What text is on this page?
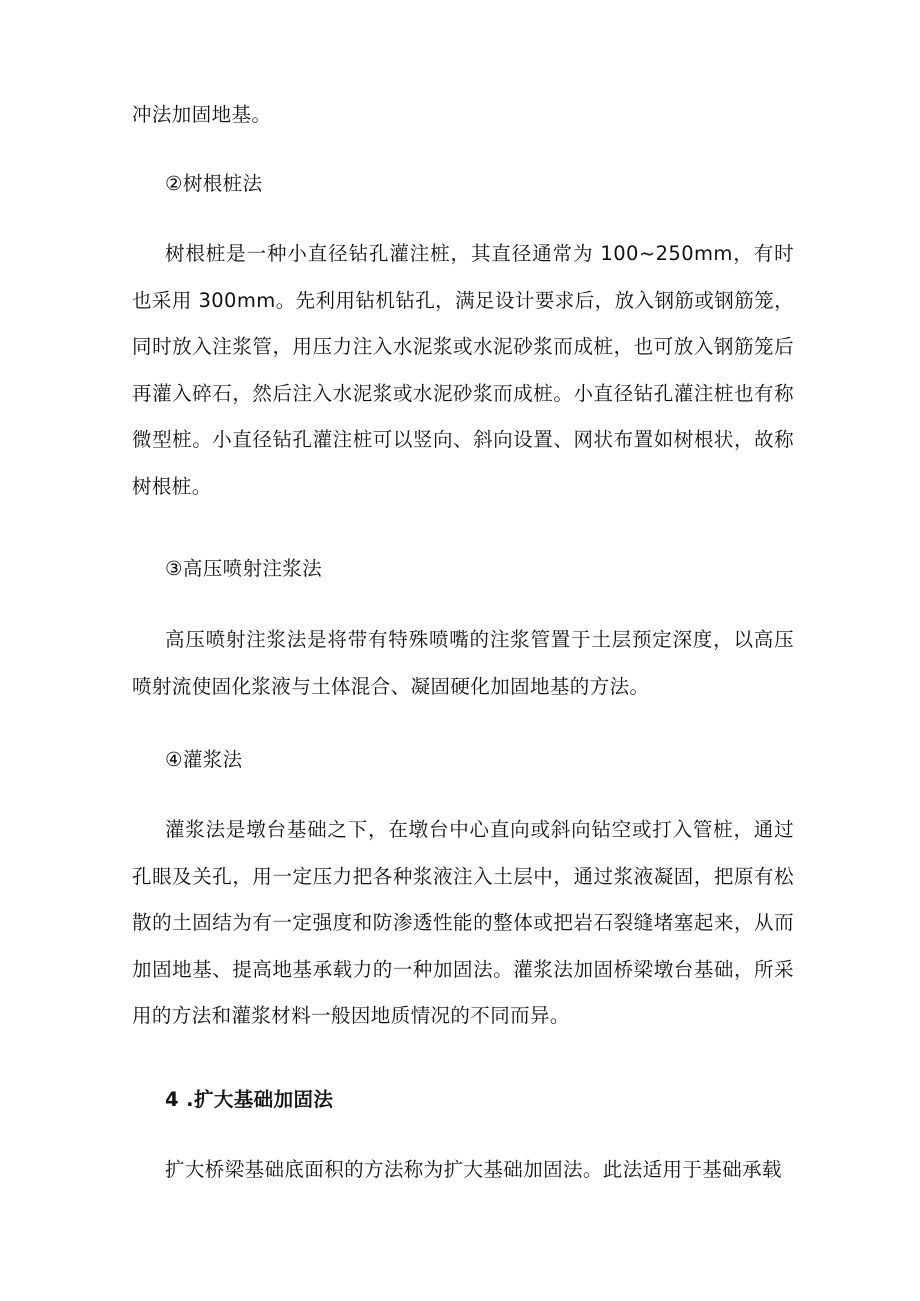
冲法加固地基。

②树根桩法

树根桩是一种小直径钻孔灌注桩，其直径通常为 100~250mm，有时也采用 300mm。先利用钻机钻孔，满足设计要求后，放入钢筋或钢筋笼，同时放入注浆管，用压力注入水泥浆或水泥砂浆而成桩，也可放入钢筋笼后再灌入碎石，然后注入水泥浆或水泥砂浆而成桩。小直径钻孔灌注桩也有称微型桩。小直径钻孔灌注桩可以竖向、斜向设置、网状布置如树根状，故称树根桩。

③高压喷射注浆法

高压喷射注浆法是将带有特殊喷嘴的注浆管置于土层预定深度，以高压喷射流使固化浆液与土体混合、凝固硬化加固地基的方法。

④灌浆法

灌浆法是墩台基础之下，在墩台中心直向或斜向钻空或打入管桩，通过孔眼及关孔，用一定压力把各种浆液注入土层中，通过浆液凝固，把原有松散的土固结为有一定强度和防渗透性能的整体或把岩石裂缝堵塞起来，从而加固地基、提高地基承载力的一种加固法。灌浆法加固桥梁墩台基础，所采用的方法和灌浆材料一般因地质情况的不同而异。

4 .扩大基础加固法

扩大桥梁基础底面积的方法称为扩大基础加固法。此法适用于基础承载
